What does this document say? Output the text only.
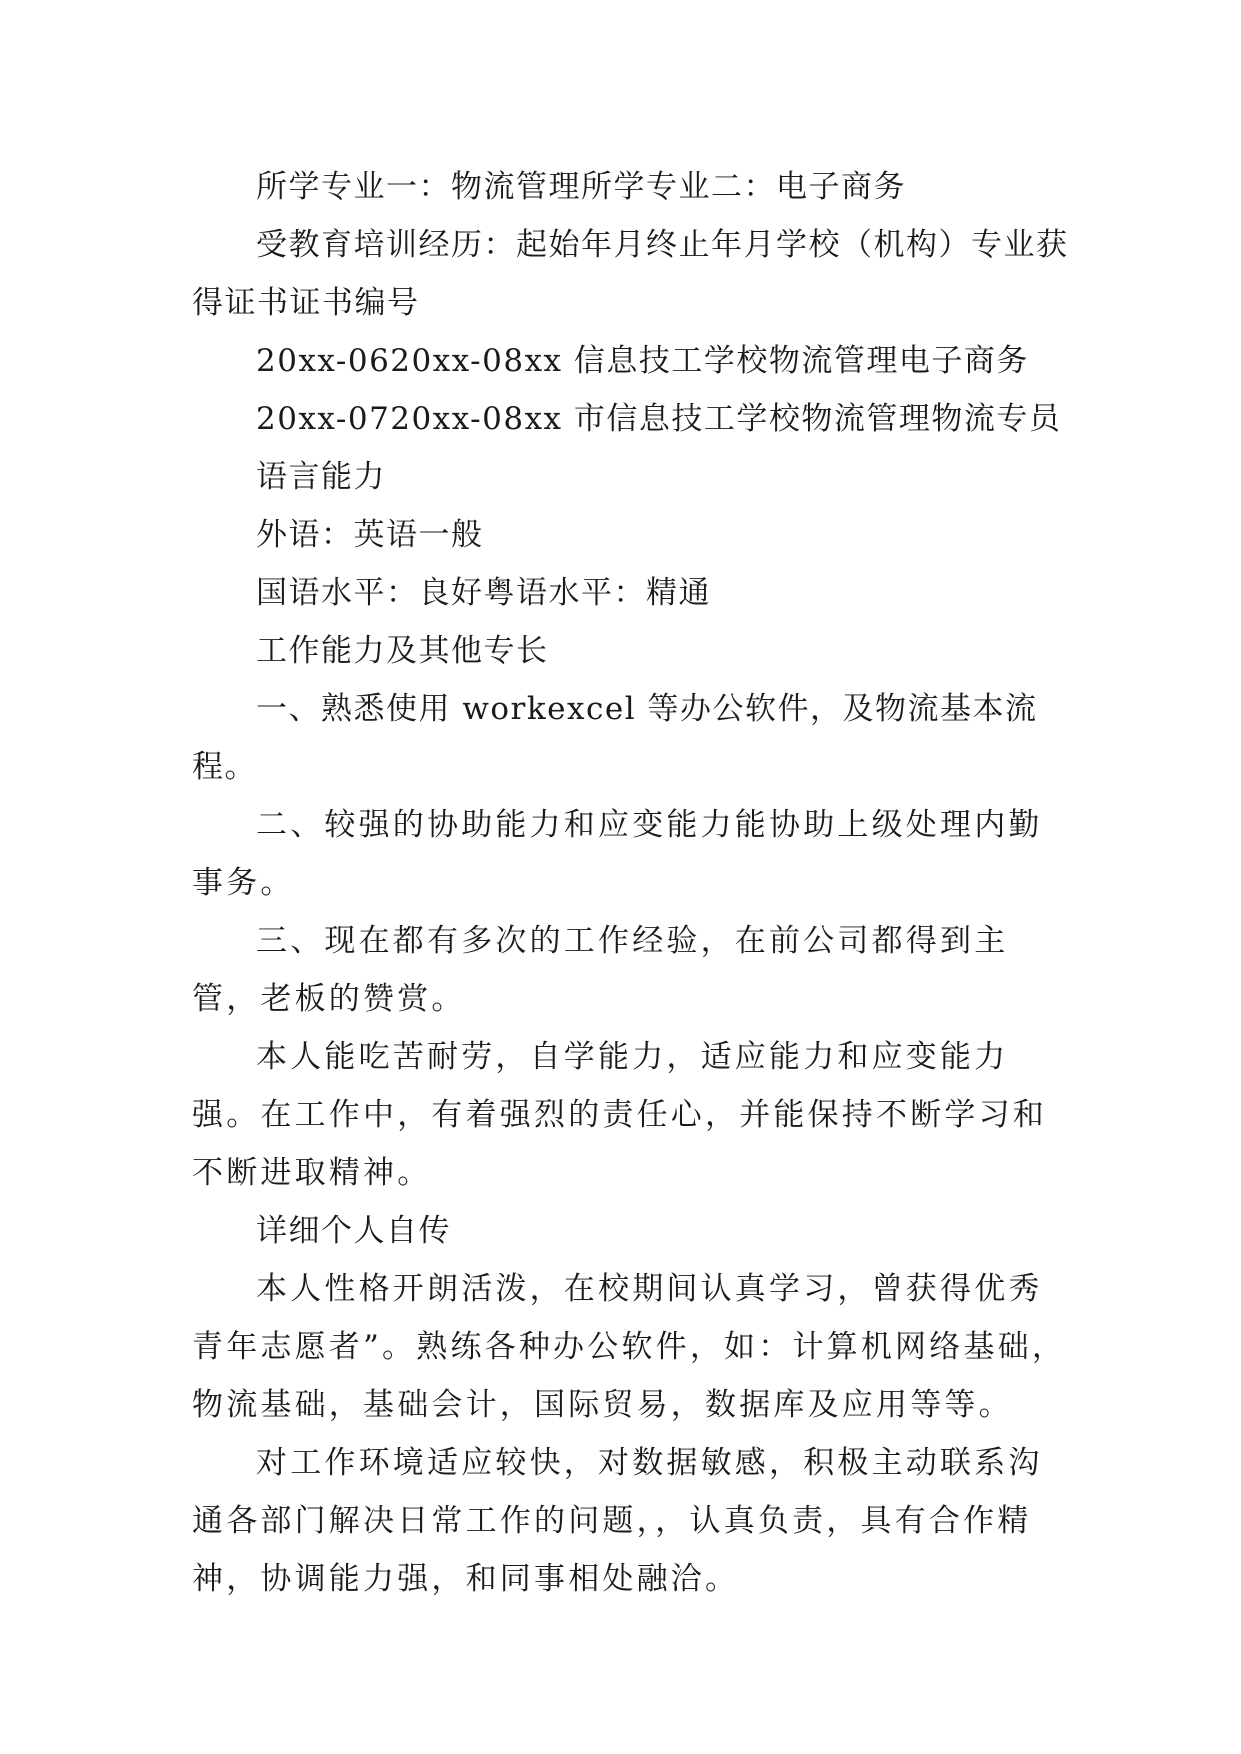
所学专业一：物流管理所学专业二：电子商务

受教育培训经历：起始年月终止年月学校（机构）专业获得证书证书编号

20xx-0620xx-08xx 信息技工学校物流管理电子商务

20xx-0720xx-08xx 市信息技工学校物流管理物流专员

语言能力

外语：英语一般

国语水平：良好粤语水平：精通

工作能力及其他专长

一、熟悉使用 workexcel 等办公软件，及物流基本流程。

二、较强的协助能力和应变能力能协助上级处理内勤事务。

三、现在都有多次的工作经验，在前公司都得到主管，老板的赞赏。

本人能吃苦耐劳，自学能力，适应能力和应变能力强。在工作中，有着强烈的责任心，并能保持不断学习和不断进取精神。

详细个人自传

本人性格开朗活泼，在校期间认真学习，曾获得优秀青年志愿者”。熟练各种办公软件，如：计算机网络基础，物流基础，基础会计，国际贸易，数据库及应用等等。

对工作环境适应较快，对数据敏感，积极主动联系沟通各部门解决日常工作的问题，，认真负责，具有合作精神，协调能力强，和同事相处融洽。
